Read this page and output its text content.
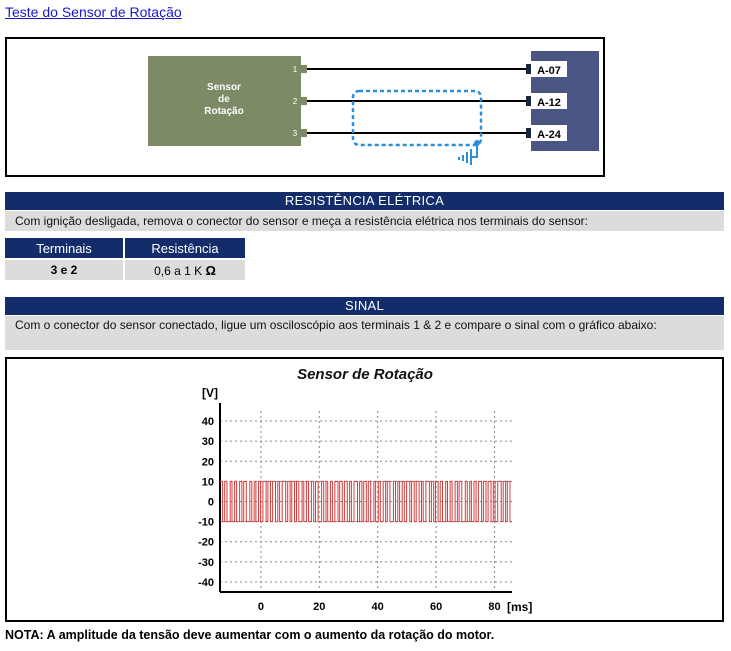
Teste do Sensor de Rotação
Sensor
de
Rotação
1
2
3
A-07
A-12
A-24
RESISTÊNCIA ELÉTRICA
Com ignição desligada, remova o conector do sensor e meça a resistência elétrica nos terminais do sensor:
Terminais	Resistência
3 e 2	0,6 a 1 K Ω
SINAL
Com o conector do sensor conectado, ligue um osciloscópio aos terminais 1 & 2 e compare o sinal com o gráfico abaixo:
Sensor de Rotação
[V]
[ms]
40
30
20
10
0
-10
-20
-30
-40
0	20	40	60	80
NOTA: A amplitude da tensão deve aumentar com o aumento da rotação do motor.
